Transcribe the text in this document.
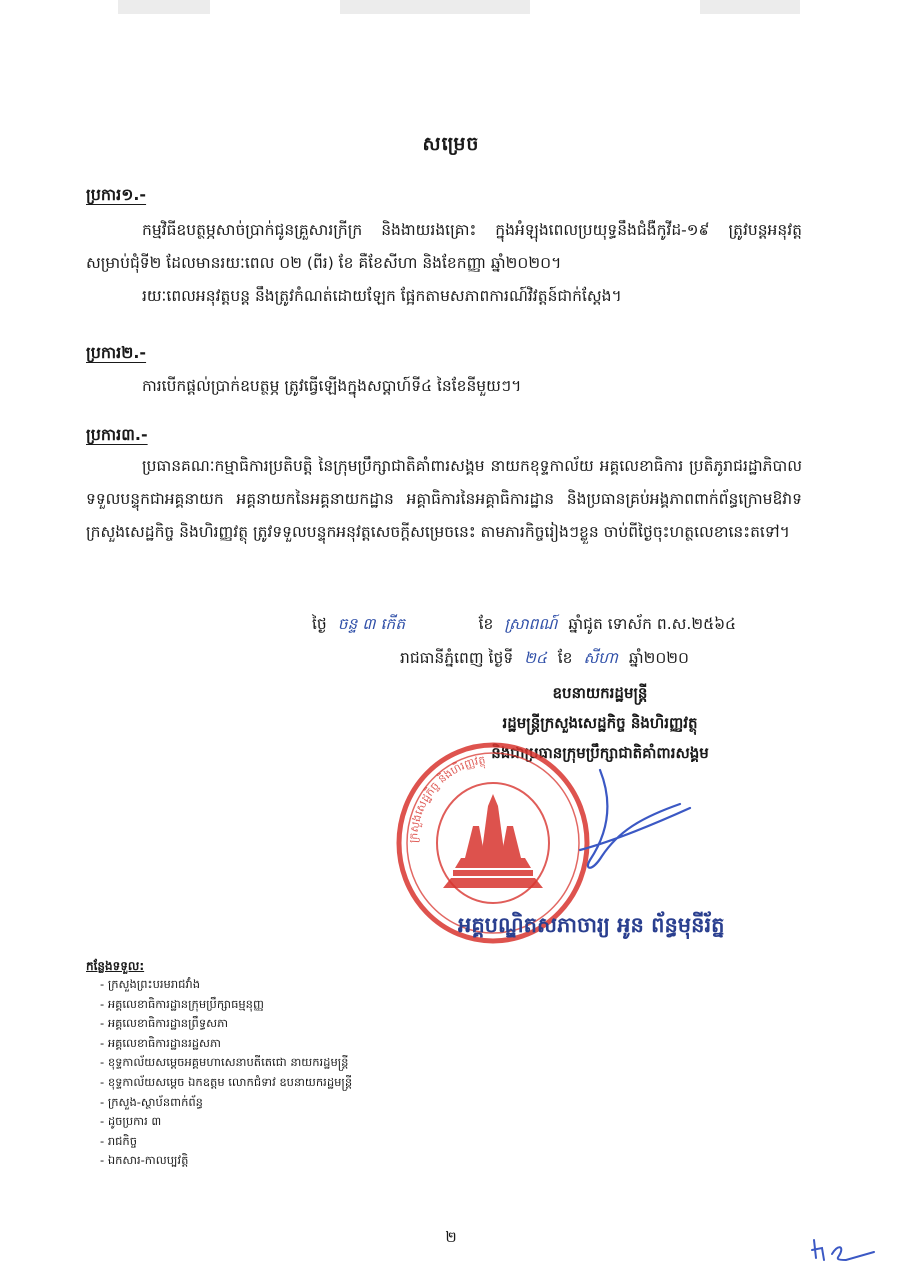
សម្រេច
ប្រការ១.-

កម្មវិធីឧបត្ថម្ភសាច់ប្រាក់ជូនគ្រួសារក្រីក្រ និងងាយរងគ្រោះ ក្នុងអំឡុងពេលប្រយុទ្ធនឹងជំងឺកូវីដ-១៩ ត្រូវបន្តអនុវត្តសម្រាប់ជុំទី២ ដែលមានរយៈពេល ០២ (ពីរ) ខែ គឺខែសីហា និងខែកញ្ញា ឆ្នាំ២០២០។

រយៈពេលអនុវត្តបន្ត នឹងត្រូវកំណត់ដោយឡែក ផ្អែកតាមសភាពការណ៍វិវត្តន៍ជាក់ស្តែង។

ប្រការ២.-

ការបើកផ្តល់ប្រាក់ឧបត្ថម្ភ ត្រូវធ្វើឡើងក្នុងសប្តាហ៍ទី៤ នៃខែនីមួយៗ។

ប្រការ៣.-

ប្រធានគណៈកម្មាធិការប្រតិបត្តិ នៃក្រុមប្រឹក្សាជាតិគាំពារសង្គម នាយកខុទ្ទកាល័យ អគ្គលេខាធិការ ប្រតិភូរាជរដ្ឋាភិបាលទទួលបន្ទុកជាអគ្គនាយក អគ្គនាយកនៃអគ្គនាយកដ្ឋាន អគ្គាធិការនៃអគ្គាធិការដ្ឋាន និងប្រធានគ្រប់អង្គភាពពាក់ព័ន្ធក្រោមឱវាទក្រសួងសេដ្ឋកិច្ច និងហិរញ្ញវត្ថុ ត្រូវទទួលបន្ទុកអនុវត្តសេចក្តីសម្រេចនេះ តាមភារកិច្ចរៀងៗខ្លួន ចាប់ពីថ្ងៃចុះហត្ថលេខានេះតទៅ។

ថ្ងៃ ចន្ទ ៣ កើត	ខែ ស្រាពណ៍ ឆ្នាំជូត ទោស័ក ព.ស.២៥៦៤
រាជធានីភ្នំពេញ ថ្ងៃទី ២៤ ខែ សីហា ឆ្នាំ២០២០
ឧបនាយករដ្ឋមន្ត្រី
រដ្ឋមន្ត្រីក្រសួងសេដ្ឋកិច្ច និងហិរញ្ញវត្ថុ
និងជាប្រធានក្រុមប្រឹក្សាជាតិគាំពារសង្គម
ក្រសួងសេដ្ឋកិច្ច និងហិរញ្ញវត្ថុ
អគ្គបណ្ឌិតសភាចារ្យ អូន ព័ន្ធមុនីរ័ត្ន
កន្លែងទទួល:
- ក្រសួងព្រះបរមរាជវាំង
- អគ្គលេខាធិការដ្ឋានក្រុមប្រឹក្សាធម្មនុញ្ញ
- អគ្គលេខាធិការដ្ឋានព្រឹទ្ធសភា
- អគ្គលេខាធិការដ្ឋានរដ្ឋសភា
- ខុទ្ទកាល័យសម្តេចអគ្គមហាសេនាបតីតេជោ នាយករដ្ឋមន្ត្រី
- ខុទ្ទកាល័យសម្តេច ឯកឧត្តម លោកជំទាវ ឧបនាយករដ្ឋមន្ត្រី
- ក្រសួង-ស្ថាប័នពាក់ព័ន្ធ
- ដូចប្រការ ៣
- រាជកិច្ច
- ឯកសារ-កាលប្បវត្តិ
២
